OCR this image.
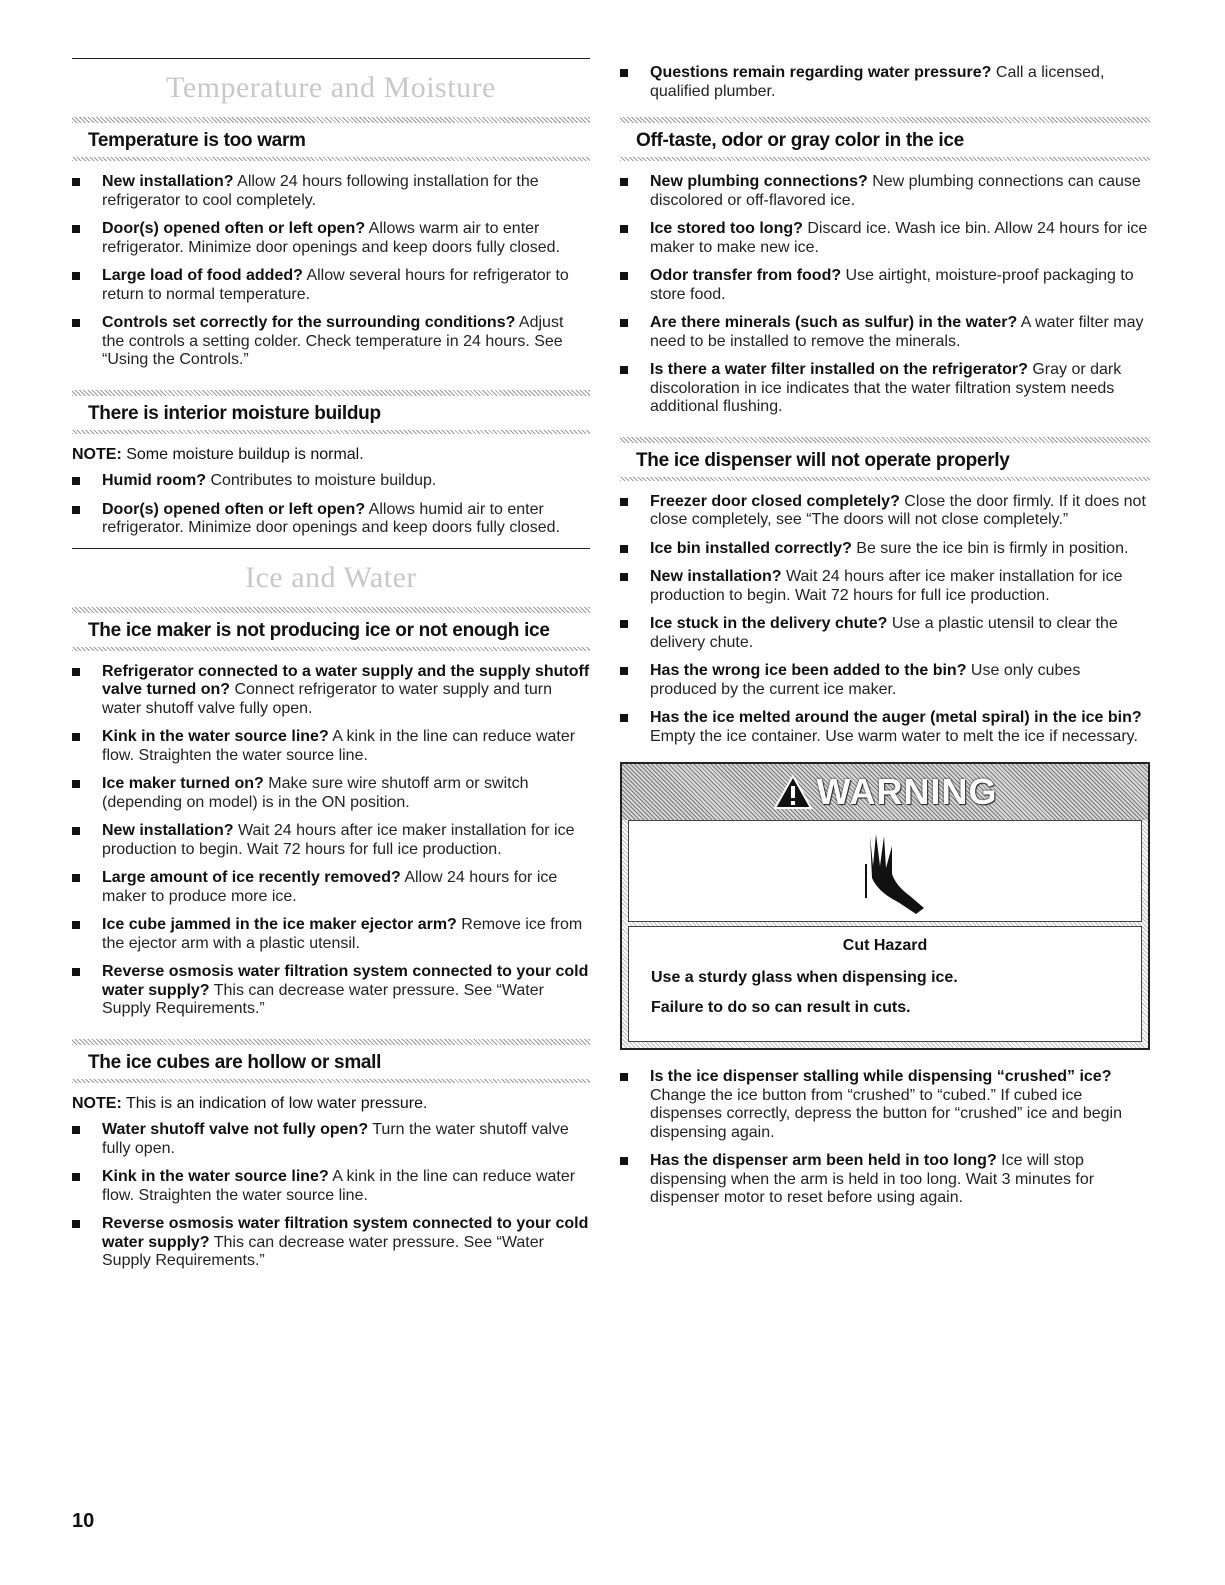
Temperature and Moisture
Temperature is too warm
New installation? Allow 24 hours following installation for the refrigerator to cool completely.
Door(s) opened often or left open? Allows warm air to enter refrigerator. Minimize door openings and keep doors fully closed.
Large load of food added? Allow several hours for refrigerator to return to normal temperature.
Controls set correctly for the surrounding conditions? Adjust the controls a setting colder. Check temperature in 24 hours. See “Using the Controls.”
There is interior moisture buildup
NOTE: Some moisture buildup is normal.
Humid room? Contributes to moisture buildup.
Door(s) opened often or left open? Allows humid air to enter refrigerator. Minimize door openings and keep doors fully closed.
Ice and Water
The ice maker is not producing ice or not enough ice
Refrigerator connected to a water supply and the supply shutoff valve turned on? Connect refrigerator to water supply and turn water shutoff valve fully open.
Kink in the water source line? A kink in the line can reduce water flow. Straighten the water source line.
Ice maker turned on? Make sure wire shutoff arm or switch (depending on model) is in the ON position.
New installation? Wait 24 hours after ice maker installation for ice production to begin. Wait 72 hours for full ice production.
Large amount of ice recently removed? Allow 24 hours for ice maker to produce more ice.
Ice cube jammed in the ice maker ejector arm? Remove ice from the ejector arm with a plastic utensil.
Reverse osmosis water filtration system connected to your cold water supply? This can decrease water pressure. See “Water Supply Requirements.”
The ice cubes are hollow or small
NOTE: This is an indication of low water pressure.
Water shutoff valve not fully open? Turn the water shutoff valve fully open.
Kink in the water source line? A kink in the line can reduce water flow. Straighten the water source line.
Reverse osmosis water filtration system connected to your cold water supply? This can decrease water pressure. See “Water Supply Requirements.”
Questions remain regarding water pressure? Call a licensed, qualified plumber.
Off-taste, odor or gray color in the ice
New plumbing connections? New plumbing connections can cause discolored or off-flavored ice.
Ice stored too long? Discard ice. Wash ice bin. Allow 24 hours for ice maker to make new ice.
Odor transfer from food? Use airtight, moisture-proof packaging to store food.
Are there minerals (such as sulfur) in the water? A water filter may need to be installed to remove the minerals.
Is there a water filter installed on the refrigerator? Gray or dark discoloration in ice indicates that the water filtration system needs additional flushing.
The ice dispenser will not operate properly
Freezer door closed completely? Close the door firmly. If it does not close completely, see “The doors will not close completely.”
Ice bin installed correctly? Be sure the ice bin is firmly in position.
New installation? Wait 24 hours after ice maker installation for ice production to begin. Wait 72 hours for full ice production.
Ice stuck in the delivery chute? Use a plastic utensil to clear the delivery chute.
Has the wrong ice been added to the bin? Use only cubes produced by the current ice maker.
Has the ice melted around the auger (metal spiral) in the ice bin? Empty the ice container. Use warm water to melt the ice if necessary.
WARNING
Cut Hazard
Use a sturdy glass when dispensing ice.
Failure to do so can result in cuts.
Is the ice dispenser stalling while dispensing “crushed” ice? Change the ice button from “crushed” to “cubed.” If cubed ice dispenses correctly, depress the button for “crushed” ice and begin dispensing again.
Has the dispenser arm been held in too long? Ice will stop dispensing when the arm is held in too long. Wait 3 minutes for dispenser motor to reset before using again.
10
